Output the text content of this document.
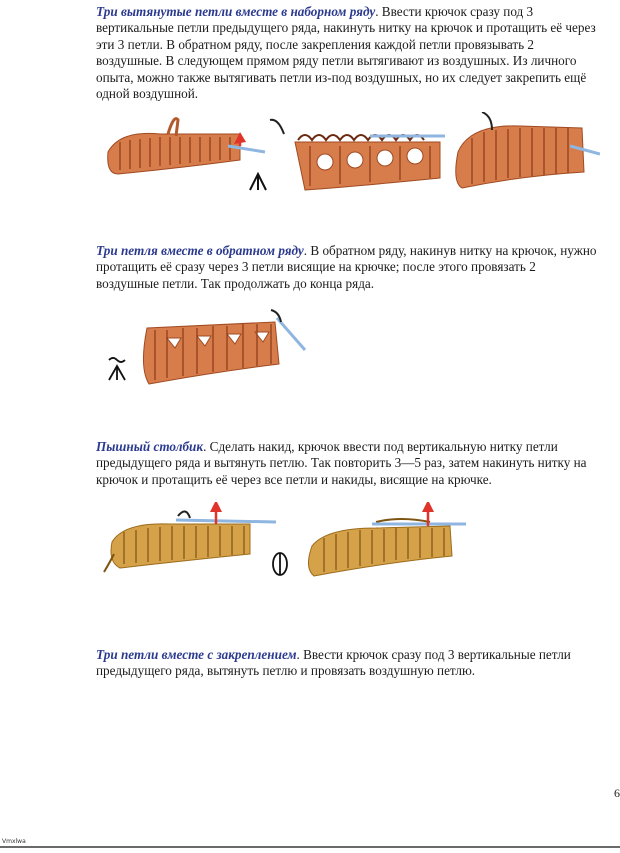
Три вытянутые петли вместе в наборном ряду. Ввести крючок сразу под 3 вертикальные петли предыдущего ряда, накинуть нитку на крючок и протащить её через эти 3 петли. В обратном ряду, после закрепления каждой петли провязывать 2 воздушные. В следующем прямом ряду петли вытягивают из воздушных. Из личного опыта, можно также вытягивать петли из-под воздушных, но их следует закрепить ещё одной воздушной.

Три петля вместе в обратном ряду. В обратном ряду, накинув нитку на крючок, нужно протащить её сразу через 3 петли висящие на крючке; после этого провязать 2 воздушные петли. Так продолжать до конца ряда.

Пышный столбик. Сделать накид, крючок ввести под вертикальную нитку петли предыдущего ряда и вытянуть петлю. Так повторить 3—5 раз, затем накинуть нитку на крючок и протащить её через все петли и накиды, висящие на крючке.

Три петли вместе с закреплением. Ввести крючок сразу под 3 вертикальные петли предыдущего ряда, вытянуть петлю и провязать воздушную петлю.

6
Vmxlwa
